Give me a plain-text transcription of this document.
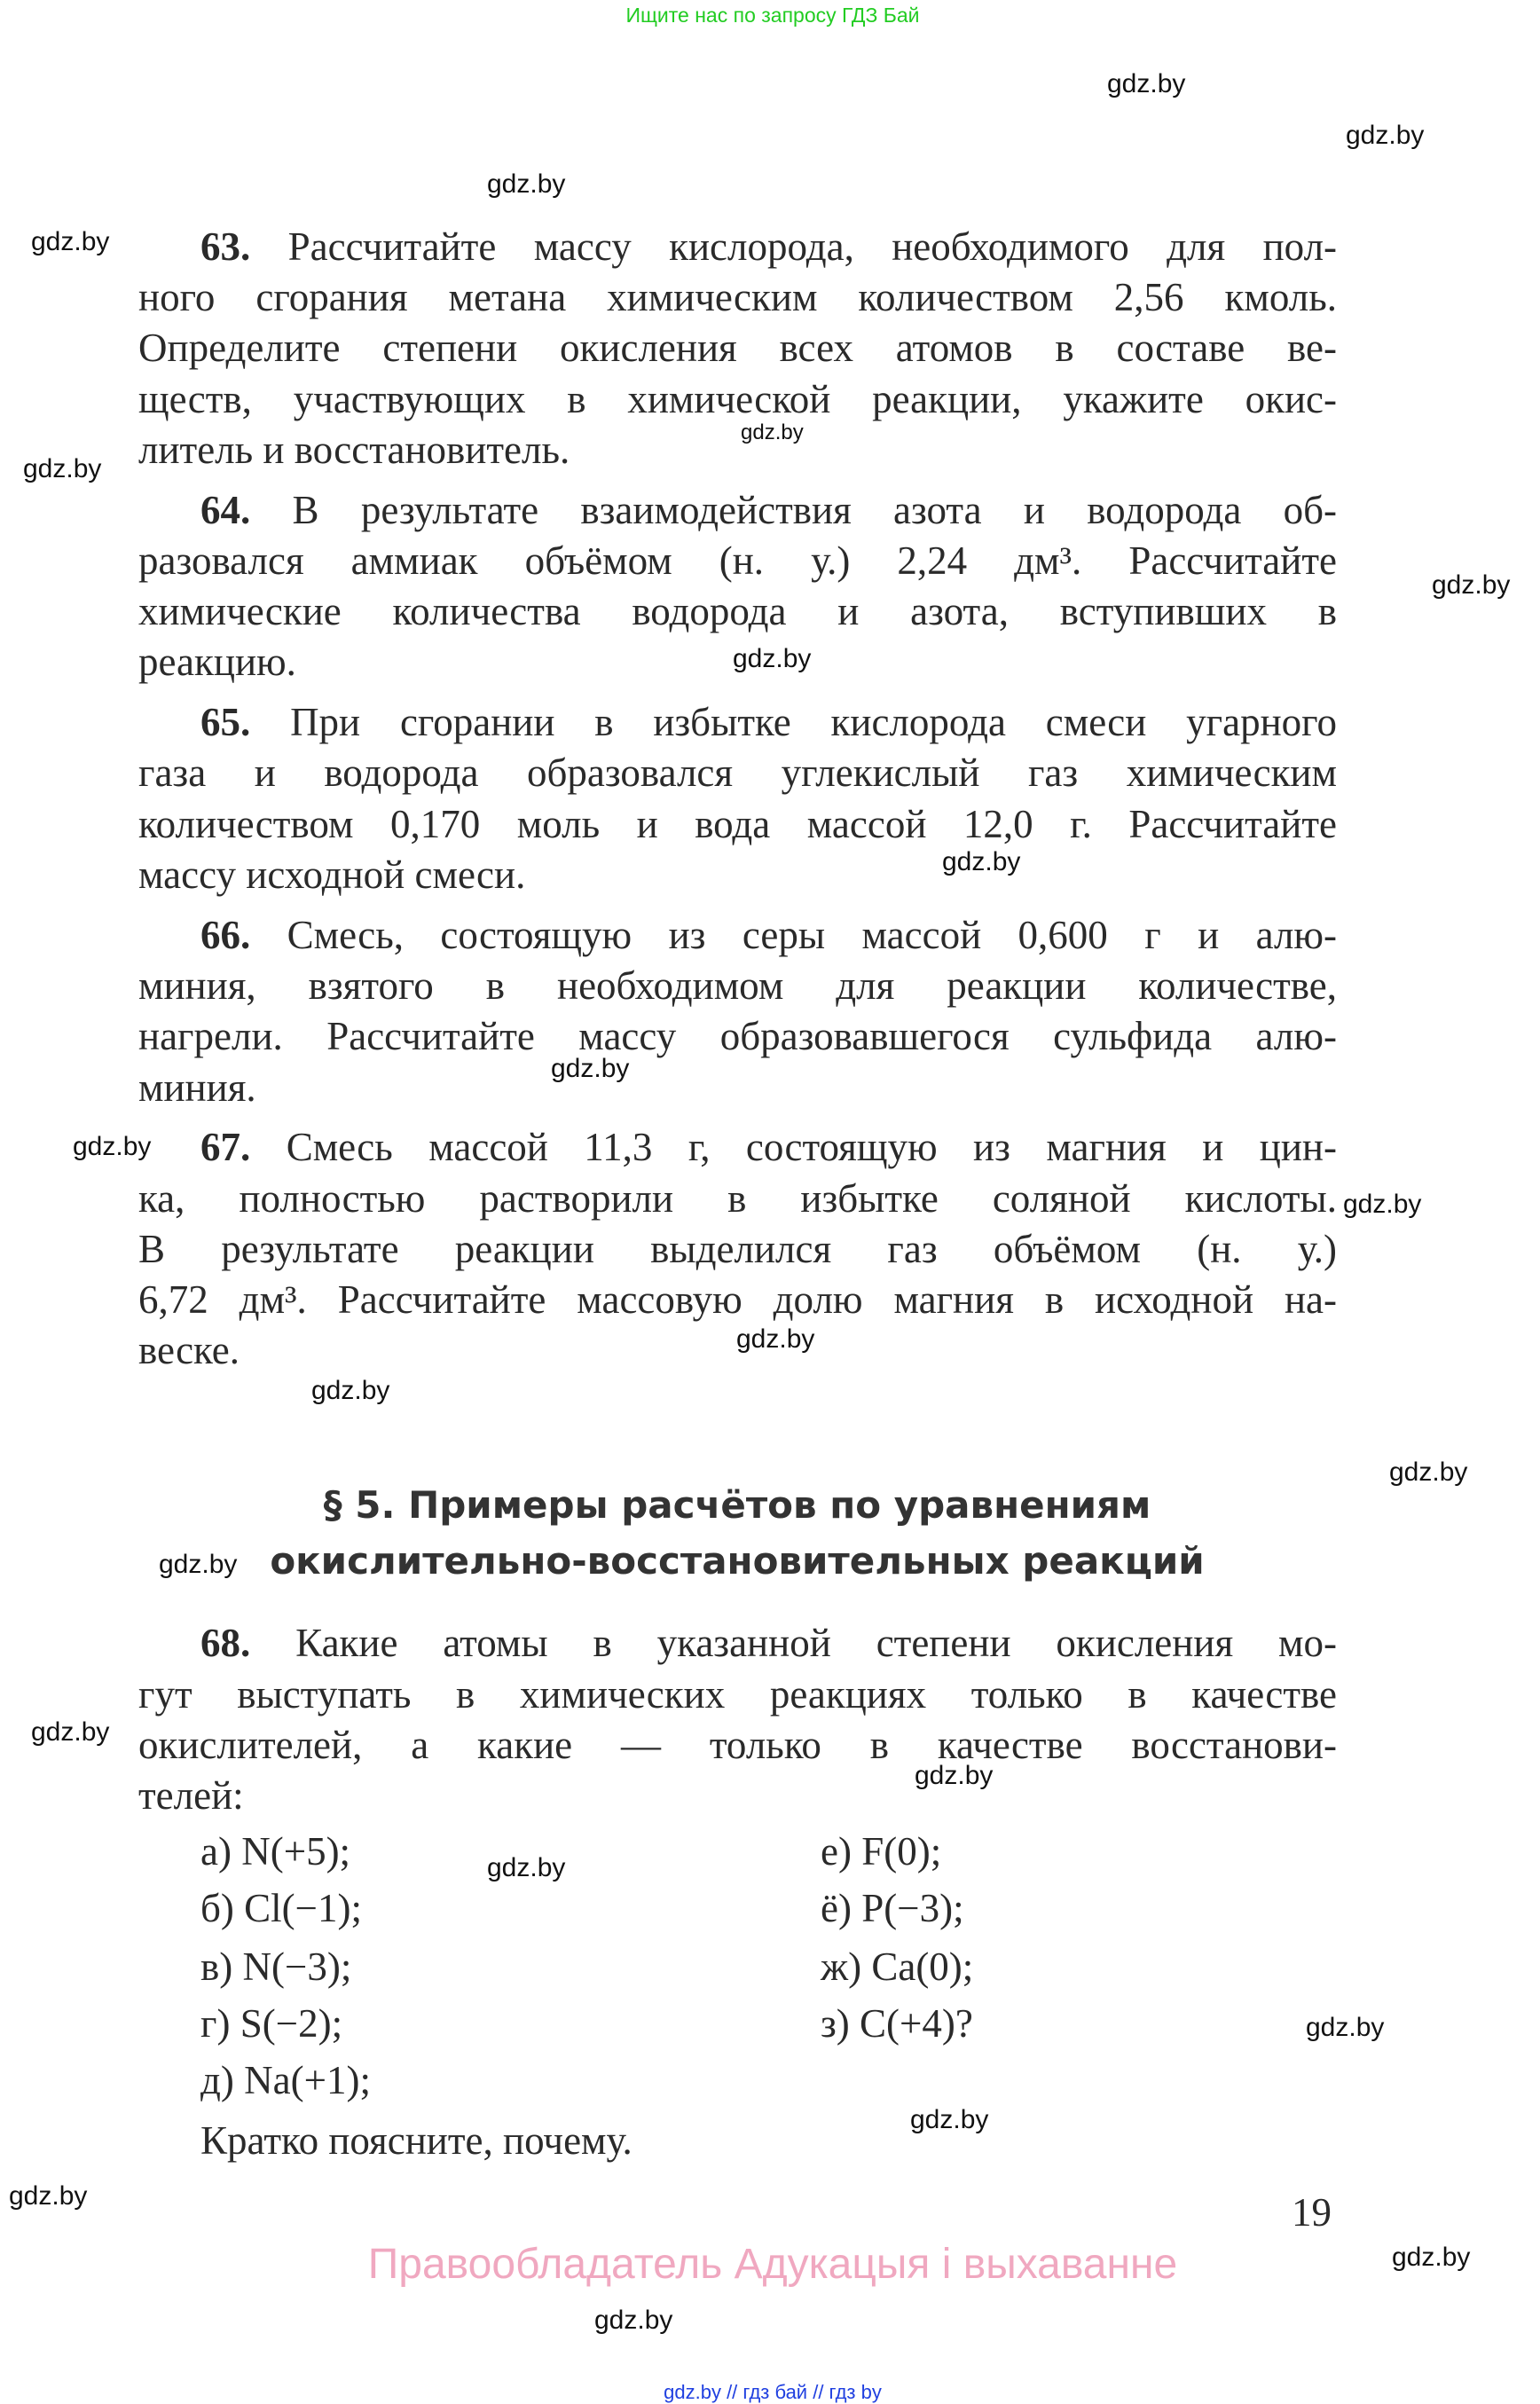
Ищите нас по запросу ГДЗ Бай
63. Рассчитайте массу кислорода, необходимого для пол-
ного сгорания метана химическим количеством 2,56 кмоль.
Определите степени окисления всех атомов в составе ве-
ществ, участвующих в химической реакции, укажите окис-
литель и восстановитель.
64. В результате взаимодействия азота и водорода об-
разовался аммиак объёмом (н. у.) 2,24 дм³. Рассчитайте
химические количества водорода и азота, вступивших в
реакцию.
65. При сгорании в избытке кислорода смеси угарного
газа и водорода образовался углекислый газ химическим
количеством 0,170 моль и вода массой 12,0 г. Рассчитайте
массу исходной смеси.
66. Смесь, состоящую из серы массой 0,600 г и алю-
миния, взятого в необходимом для реакции количестве,
нагрели. Рассчитайте массу образовавшегося сульфида алю-
миния.
67. Смесь массой 11,3 г, состоящую из магния и цин-
ка, полностью растворили в избытке соляной кислоты.
В результате реакции выделился газ объёмом (н. у.)
6,72 дм³. Рассчитайте массовую долю магния в исходной на-
веске.
§ 5. Примеры расчётов по уравнениям
окислительно-восстановительных реакций
68. Какие атомы в указанной степени окисления мо-
гут выступать в химических реакциях только в качестве
окислителей, а какие — только в качестве восстанови-
телей:
а) N(+5);
б) Cl(−1);
в) N(−3);
г) S(−2);
д) Na(+1);
е) F(0);
ё) P(−3);
ж) Ca(0);
з) C(+4)?
Кратко поясните, почему.
gdz.by
gdz.by
gdz.by
gdz.by
gdz.by
gdz.by
gdz.by
gdz.by
gdz.by
gdz.by
gdz.by
gdz.by
gdz.by
gdz.by
gdz.by
gdz.by
gdz.by
gdz.by
gdz.by
gdz.by
gdz.by
gdz.by
gdz.by
gdz.by
19
Правообладатель Адукацыя і выхаванне
gdz.by // гдз бай // гдз by
